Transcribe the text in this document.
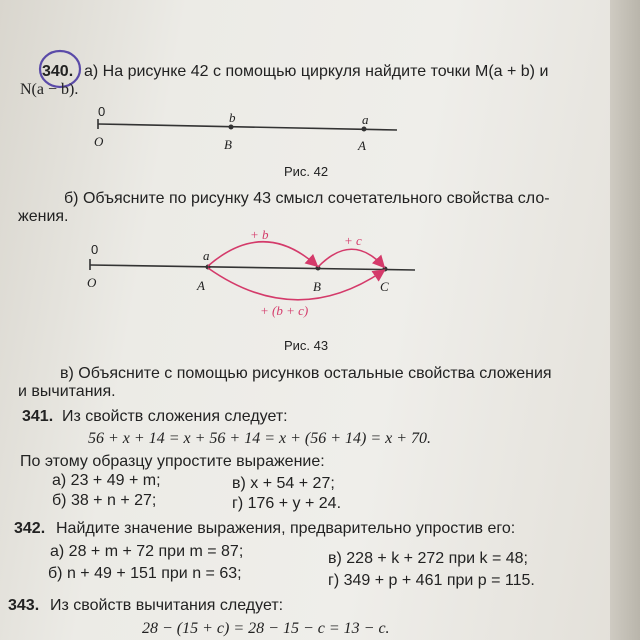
340. а) На рисунке 42 с помощью циркуля найдите точки M(a + b) и
N(a − b).
0	b	a
O	B	A
Рис. 42
б) Объясните по рисунку 43 смысл сочетательного свойства сло-
жения.
0
O
a
A	B	C
+ b	+ c
+ (b + c)
Рис. 43
в) Объясните с помощью рисунков остальные свойства сложения
и вычитания.
341. Из свойств сложения следует:
56 + x + 14 = x + 56 + 14 = x + (56 + 14) = x + 70.
По этому образцу упростите выражение:
а) 23 + 49 + m;	в) x + 54 + 27;
б) 38 + n + 27;	г) 176 + y + 24.
342. Найдите значение выражения, предварительно упростив его:
а) 28 + m + 72 при m = 87;	в) 228 + k + 272 при k = 48;
б) n + 49 + 151 при n = 63;	г) 349 + p + 461 при p = 115.
343. Из свойств вычитания следует:
28 − (15 + c) = 28 − 15 − c = 13 − c.
